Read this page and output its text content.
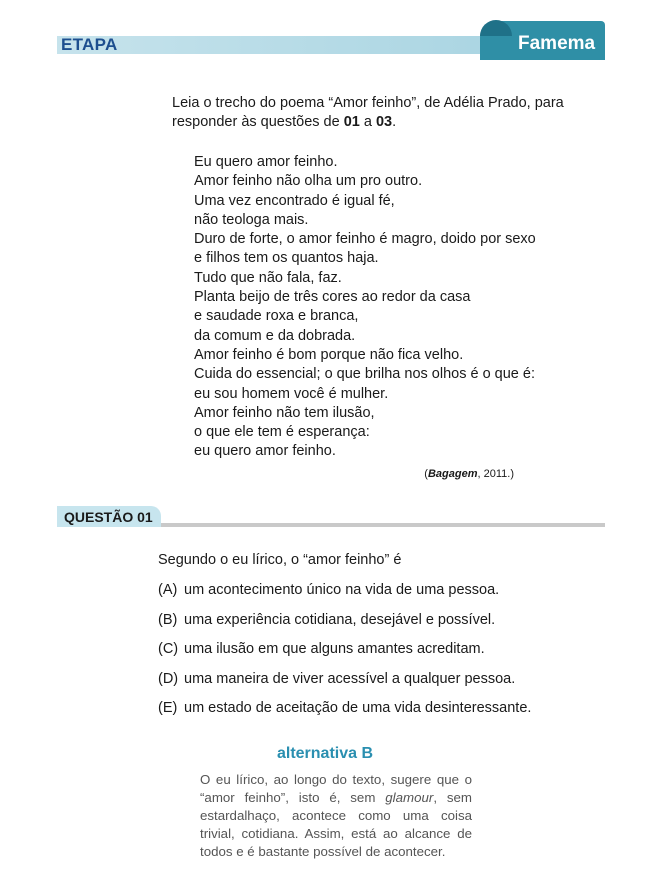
ETAPA	Famema
Leia o trecho do poema “Amor feinho”, de Adélia Prado, para responder às questões de 01 a 03.
Eu quero amor feinho.
Amor feinho não olha um pro outro.
Uma vez encontrado é igual fé,
não teologa mais.
Duro de forte, o amor feinho é magro, doido por sexo
e filhos tem os quantos haja.
Tudo que não fala, faz.
Planta beijo de três cores ao redor da casa
e saudade roxa e branca,
da comum e da dobrada.
Amor feinho é bom porque não fica velho.
Cuida do essencial; o que brilha nos olhos é o que é:
eu sou homem você é mulher.
Amor feinho não tem ilusão,
o que ele tem é esperança:
eu quero amor feinho.
(Bagagem, 2011.)
QUESTÃO 01
Segundo o eu lírico, o “amor feinho” é
(A) um acontecimento único na vida de uma pessoa.
(B) uma experiência cotidiana, desejável e possível.
(C) uma ilusão em que alguns amantes acreditam.
(D) uma maneira de viver acessível a qualquer pessoa.
(E) um estado de aceitação de uma vida desinteressante.
alternativa B
O eu lírico, ao longo do texto, sugere que o “amor feinho”, isto é, sem glamour, sem estardalhaço, acontece como uma coisa trivial, cotidiana. Assim, está ao alcance de todos e é bastante possível de acontecer.
